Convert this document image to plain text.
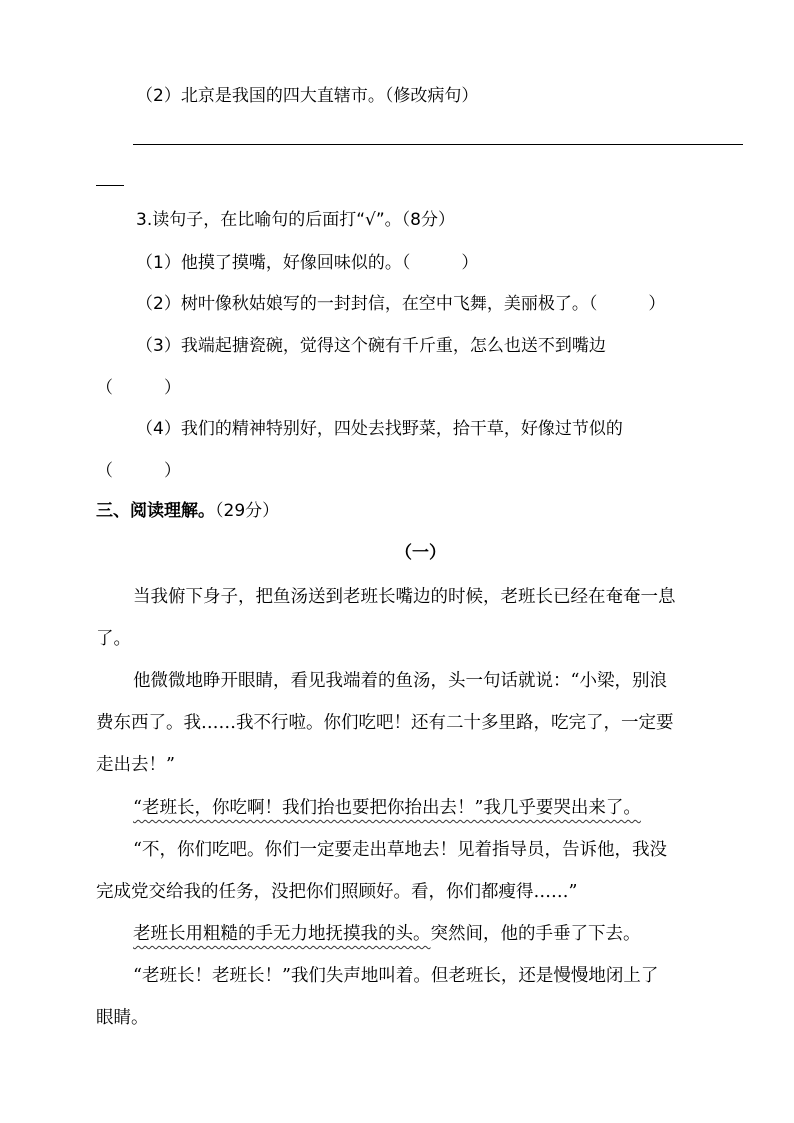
（2）北京是我国的四大直辖市。（修改病句）
3.读句子，在比喻句的后面打“√”。（8分）
（1）他摸了摸嘴，好像回味似的。（　　　）
（2）树叶像秋姑娘写的一封封信，在空中飞舞，美丽极了。（　　　）
（3）我端起搪瓷碗，觉得这个碗有千斤重，怎么也送不到嘴边
（　　　）
（4）我们的精神特别好，四处去找野菜，拾干草，好像过节似的
（　　　）
三、阅读理解。（29分）
（一）
当我俯下身子，把鱼汤送到老班长嘴边的时候，老班长已经在奄奄一息
了。
他微微地睁开眼睛，看见我端着的鱼汤，头一句话就说：“小梁，别浪
费东西了。我……我不行啦。你们吃吧！还有二十多里路，吃完了，一定要
走出去！”
“老班长，你吃啊！我们抬也要把你抬出去！”我几乎要哭出来了。
“不，你们吃吧。你们一定要走出草地去！见着指导员，告诉他，我没
完成党交给我的任务，没把你们照顾好。看，你们都瘦得……”
老班长用粗糙的手无力地抚摸我的头。突然间，他的手垂了下去。
“老班长！老班长！”我们失声地叫着。但老班长，还是慢慢地闭上了
眼睛。
